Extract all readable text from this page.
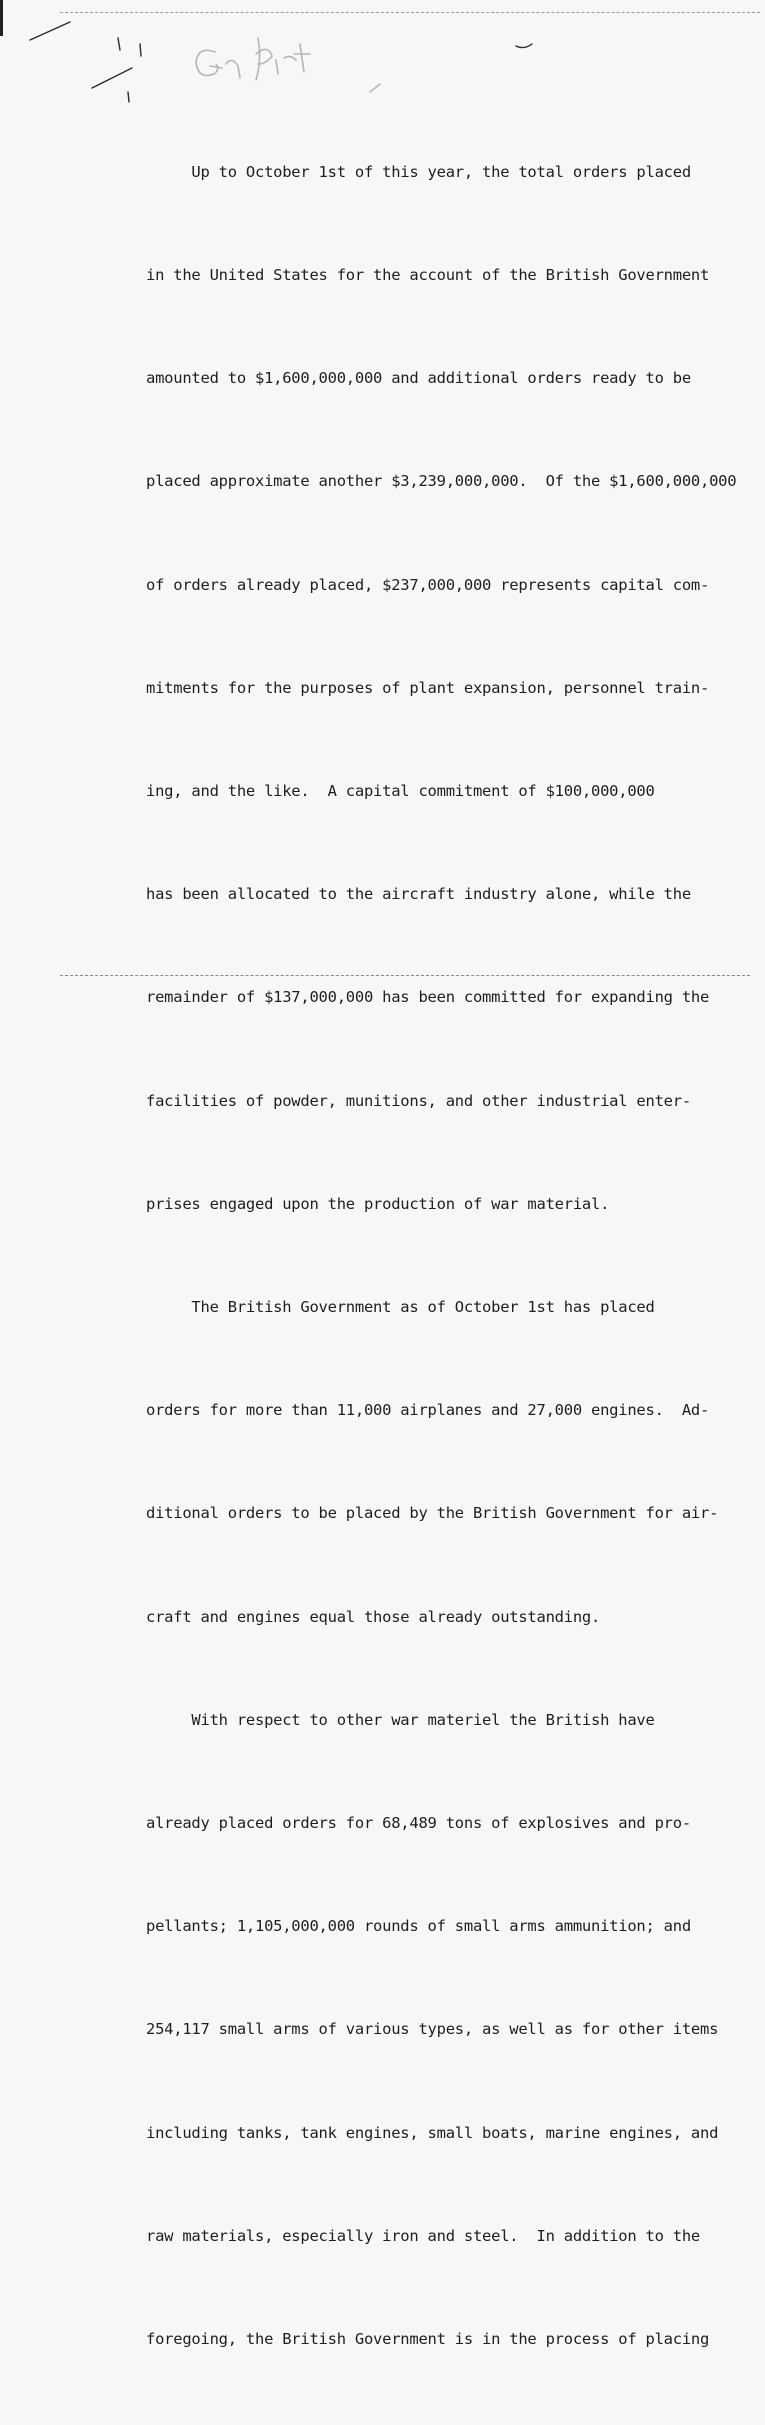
Up to October 1st of this year, the total orders placed

in the United States for the account of the British Government

amounted to $1,600,000,000 and additional orders ready to be

placed approximate another $3,239,000,000.  Of the $1,600,000,000

of orders already placed, $237,000,000 represents capital com-

mitments for the purposes of plant expansion, personnel train-

ing, and the like.  A capital commitment of $100,000,000

has been allocated to the aircraft industry alone, while the

remainder of $137,000,000 has been committed for expanding the

facilities of powder, munitions, and other industrial enter-

prises engaged upon the production of war material.

The British Government as of October 1st has placed

orders for more than 11,000 airplanes and 27,000 engines.  Ad-

ditional orders to be placed by the British Government for air-

craft and engines equal those already outstanding.

With respect to other war materiel the British have

already placed orders for 68,489 tons of explosives and pro-

pellants; 1,105,000,000 rounds of small arms ammunition; and

254,117 small arms of various types, as well as for other items

including tanks, tank engines, small boats, marine engines, and

raw materials, especially iron and steel.  In addition to the

foregoing, the British Government is in the process of placing
